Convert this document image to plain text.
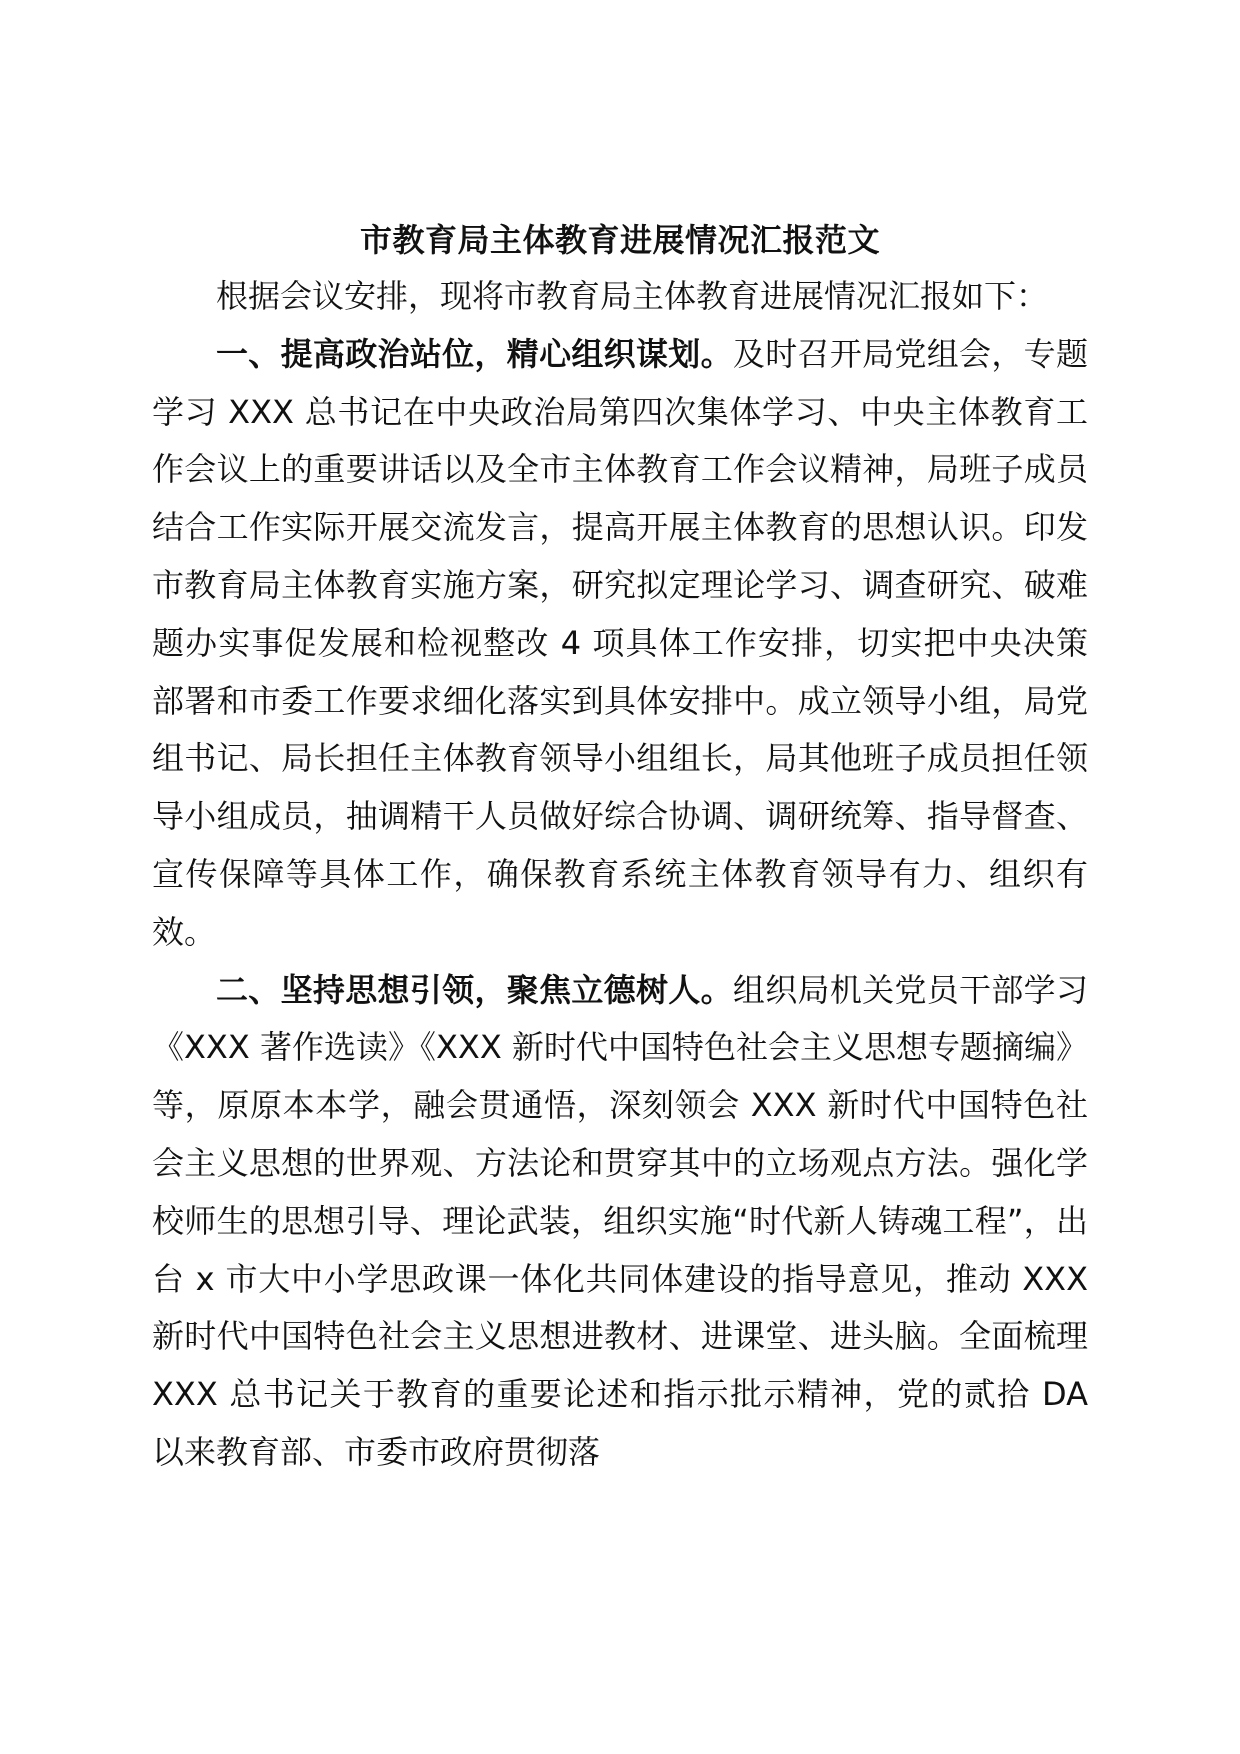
市教育局主体教育进展情况汇报范文

根据会议安排，现将市教育局主体教育进展情况汇报如下：

一、提高政治站位，精心组织谋划。及时召开局党组会，专题学习 XXX 总书记在中央政治局第四次集体学习、中央主体教育工作会议上的重要讲话以及全市主体教育工作会议精神，局班子成员结合工作实际开展交流发言，提高开展主体教育的思想认识。印发市教育局主体教育实施方案，研究拟定理论学习、调查研究、破难题办实事促发展和检视整改 4 项具体工作安排，切实把中央决策部署和市委工作要求细化落实到具体安排中。成立领导小组，局党组书记、局长担任主体教育领导小组组长，局其他班子成员担任领导小组成员，抽调精干人员做好综合协调、调研统筹、指导督查、宣传保障等具体工作，确保教育系统主体教育领导有力、组织有效。

二、坚持思想引领，聚焦立德树人。组织局机关党员干部学习《XXX 著作选读》《XXX 新时代中国特色社会主义思想专题摘编》等，原原本本学，融会贯通悟，深刻领会 XXX 新时代中国特色社会主义思想的世界观、方法论和贯穿其中的立场观点方法。强化学校师生的思想引导、理论武装，组织实施“时代新人铸魂工程”，出台 x 市大中小学思政课一体化共同体建设的指导意见，推动 XXX 新时代中国特色社会主义思想进教材、进课堂、进头脑。全面梳理 XXX 总书记关于教育的重要论述和指示批示精神，党的贰拾 DA 以来教育部、市委市政府贯彻落
